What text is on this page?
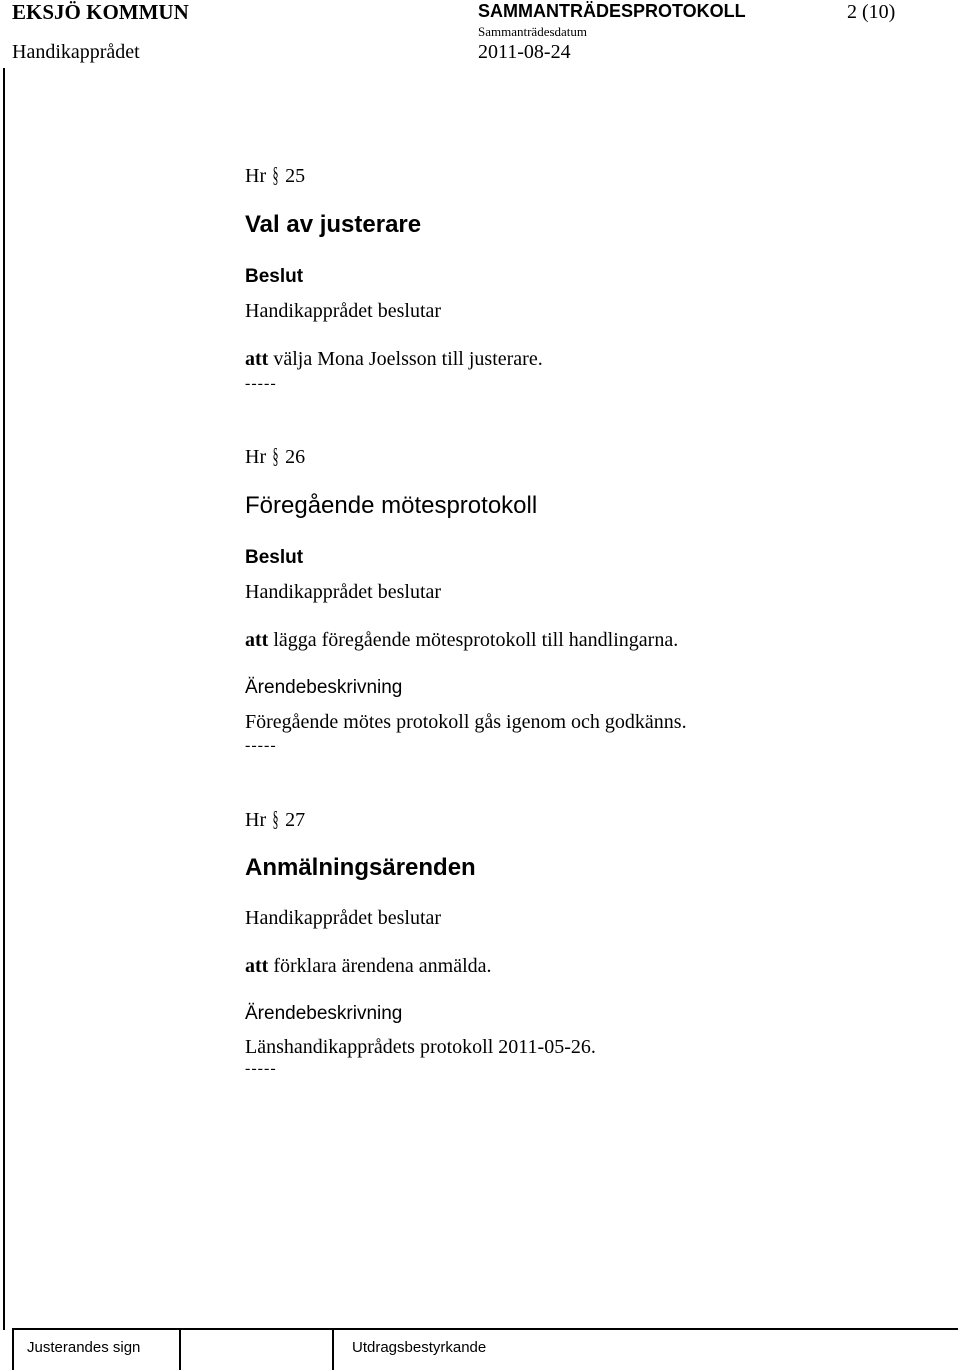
EKSJÖ KOMMUN	SAMMANTRÄDESPROTOKOLL	2 (10)
Handikapprådet
Sammanträdesdatum
2011-08-24
Hr § 25
Val av justerare
Beslut
Handikapprådet beslutar
att välja Mona Joelsson till justerare.
-----
Hr § 26
Föregående mötesprotokoll
Beslut
Handikapprådet beslutar
att lägga föregående mötesprotokoll till handlingarna.
Ärendebeskrivning
Föregående mötes protokoll gås igenom och godkänns.
-----
Hr § 27
Anmälningsärenden
Handikapprådet beslutar
att förklara ärendena anmälda.
Ärendebeskrivning
Länshandikapprådets protokoll 2011-05-26.
-----
Justerandes sign	Utdragsbestyrkande
